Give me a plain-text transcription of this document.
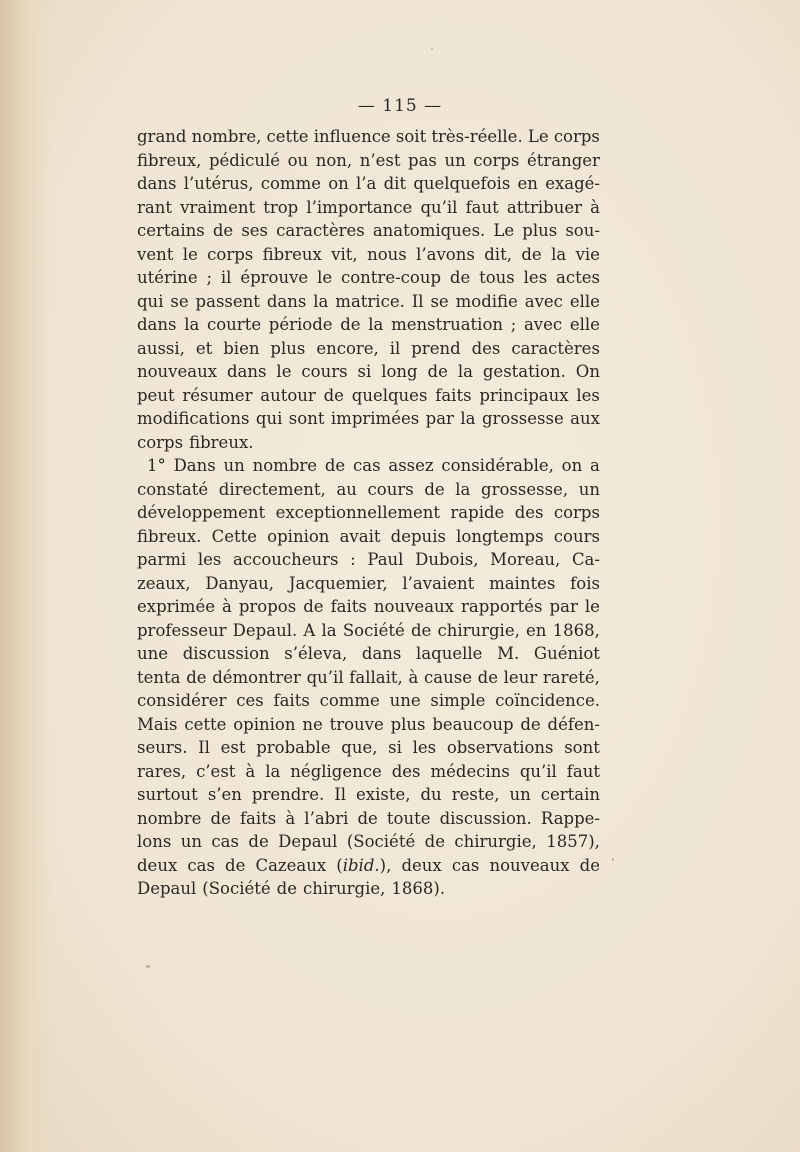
— 115 —
grand nombre, cette influence soit très-réelle. Le corps
fibreux, pédiculé ou non, n’est pas un corps étranger
dans l’utérus, comme on l’a dit quelquefois en exagé-
rant vraiment trop l’importance qu’il faut attribuer à
certains de ses caractères anatomiques. Le plus sou-
vent le corps fibreux vit, nous l’avons dit, de la vie
utérine ; il éprouve le contre-coup de tous les actes
qui se passent dans la matrice. Il se modifie avec elle
dans la courte période de la menstruation ; avec elle
aussi, et bien plus encore, il prend des caractères
nouveaux dans le cours si long de la gestation. On
peut résumer autour de quelques faits principaux les
modifications qui sont imprimées par la grossesse aux
corps fibreux.
1° Dans un nombre de cas assez considérable, on a
constaté directement, au cours de la grossesse, un
développement exceptionnellement rapide des corps
fibreux. Cette opinion avait depuis longtemps cours
parmi les accoucheurs : Paul Dubois, Moreau, Ca-
zeaux, Danyau, Jacquemier, l’avaient maintes fois
exprimée à propos de faits nouveaux rapportés par le
professeur Depaul. A la Société de chirurgie, en 1868,
une discussion s’éleva, dans laquelle M. Guéniot
tenta de démontrer qu’il fallait, à cause de leur rareté,
considérer ces faits comme une simple coïncidence.
Mais cette opinion ne trouve plus beaucoup de défen-
seurs. Il est probable que, si les observations sont
rares, c’est à la négligence des médecins qu’il faut
surtout s’en prendre. Il existe, du reste, un certain
nombre de faits à l’abri de toute discussion. Rappe-
lons un cas de Depaul (Société de chirurgie, 1857),
deux cas de Cazeaux (ibid.), deux cas nouveaux de
Depaul (Société de chirurgie, 1868).
